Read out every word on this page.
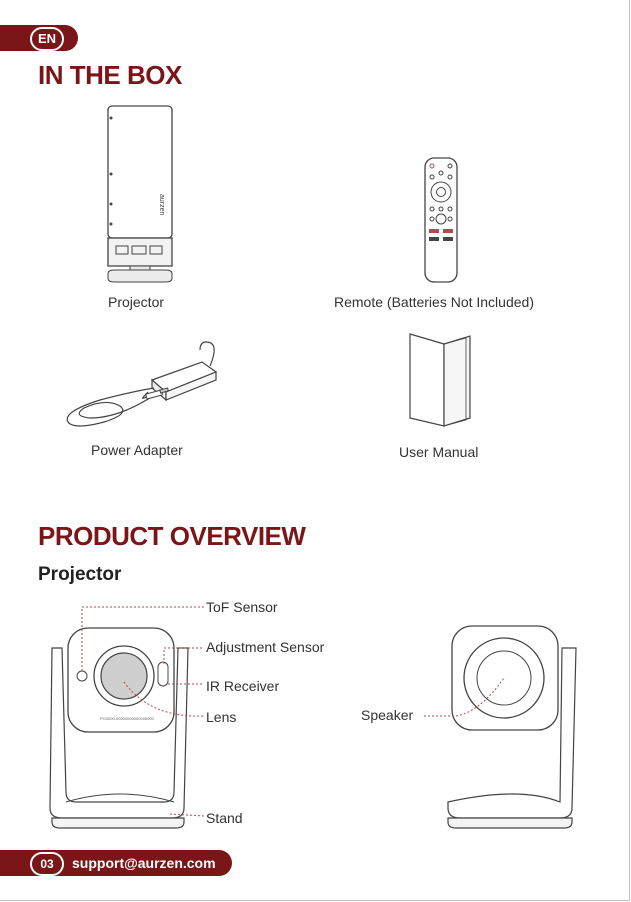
EN
IN THE BOX
aurzen
Projector	Remote (Batteries Not Included)
Power Adapter	User Manual
PRODUCT OVERVIEW
Projector
PG0000-00000000000000000
ToF Sensor
Adjustment Sensor
IR Receiver
Lens
Stand
Speaker
03	support@aurzen.com
